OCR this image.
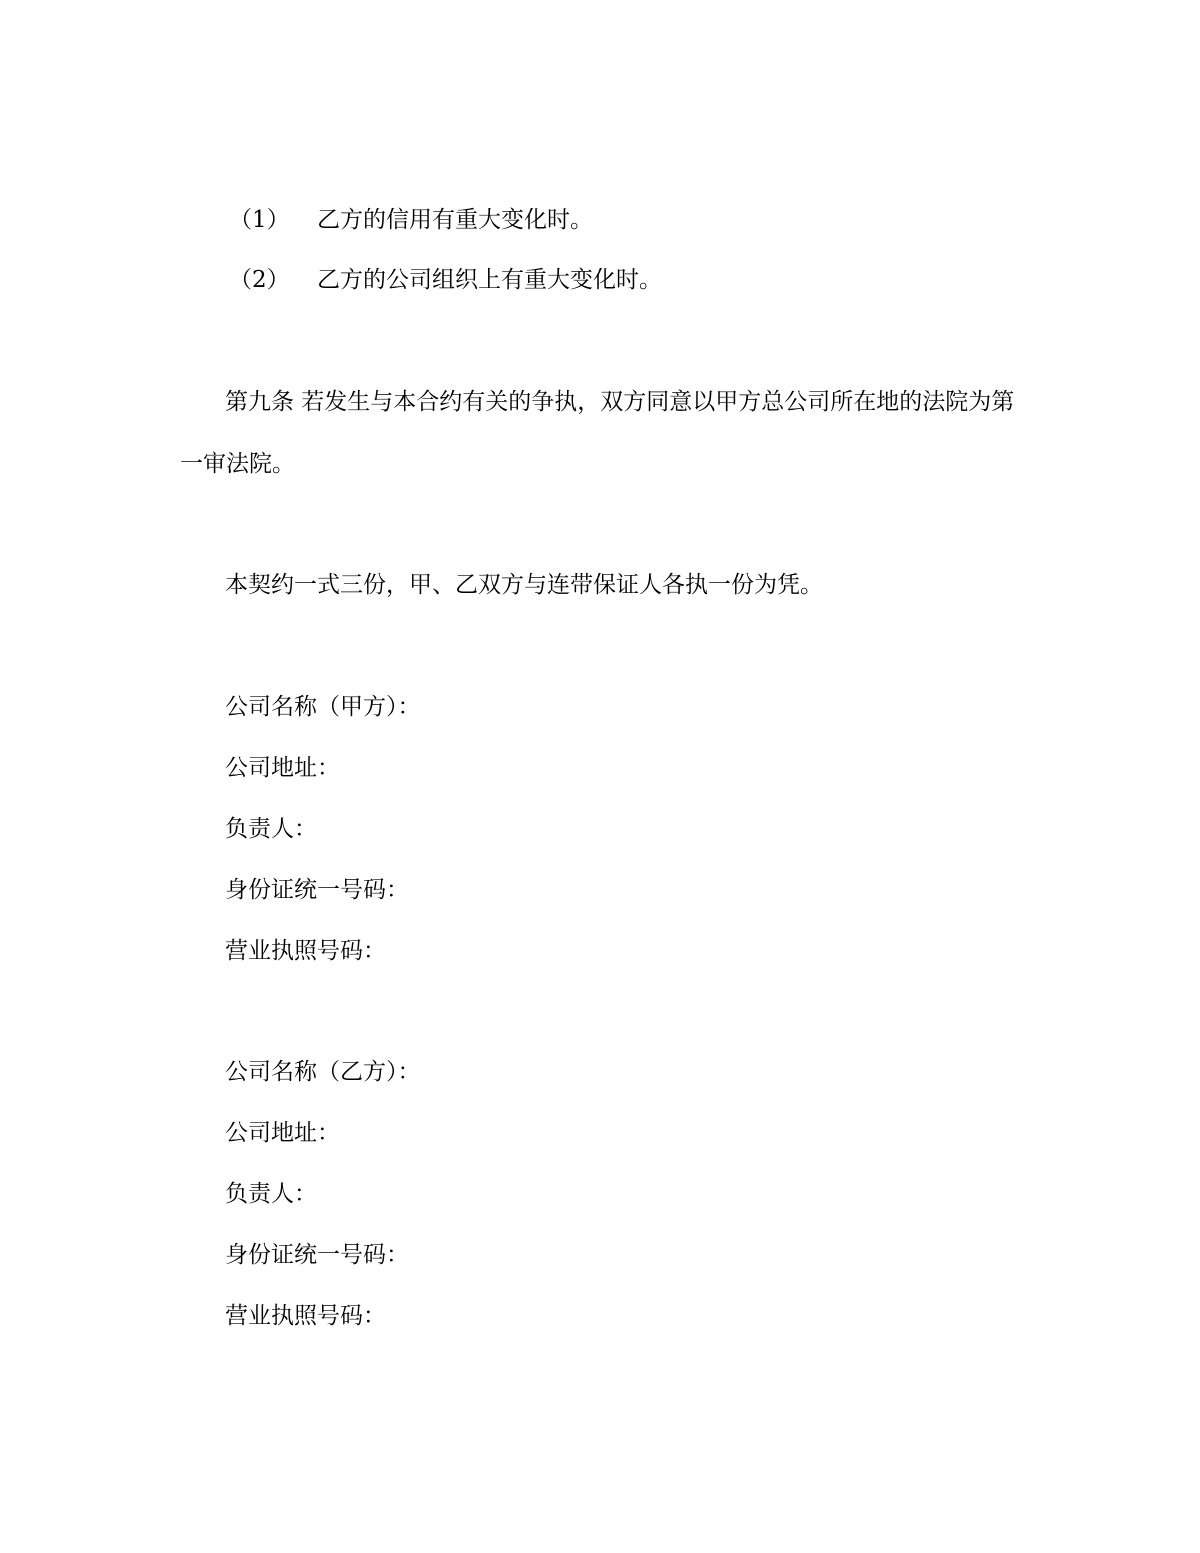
（1） 乙方的信用有重大变化时。
（2） 乙方的公司组织上有重大变化时。
第九条 若发生与本合约有关的争执，双方同意以甲方总公司所在地的法院为第
一审法院。
本契约一式三份，甲、乙双方与连带保证人各执一份为凭。
公司名称（甲方）：
公司地址：
负责人：
身份证统一号码：
营业执照号码：
公司名称（乙方）：
公司地址：
负责人：
身份证统一号码：
营业执照号码：
